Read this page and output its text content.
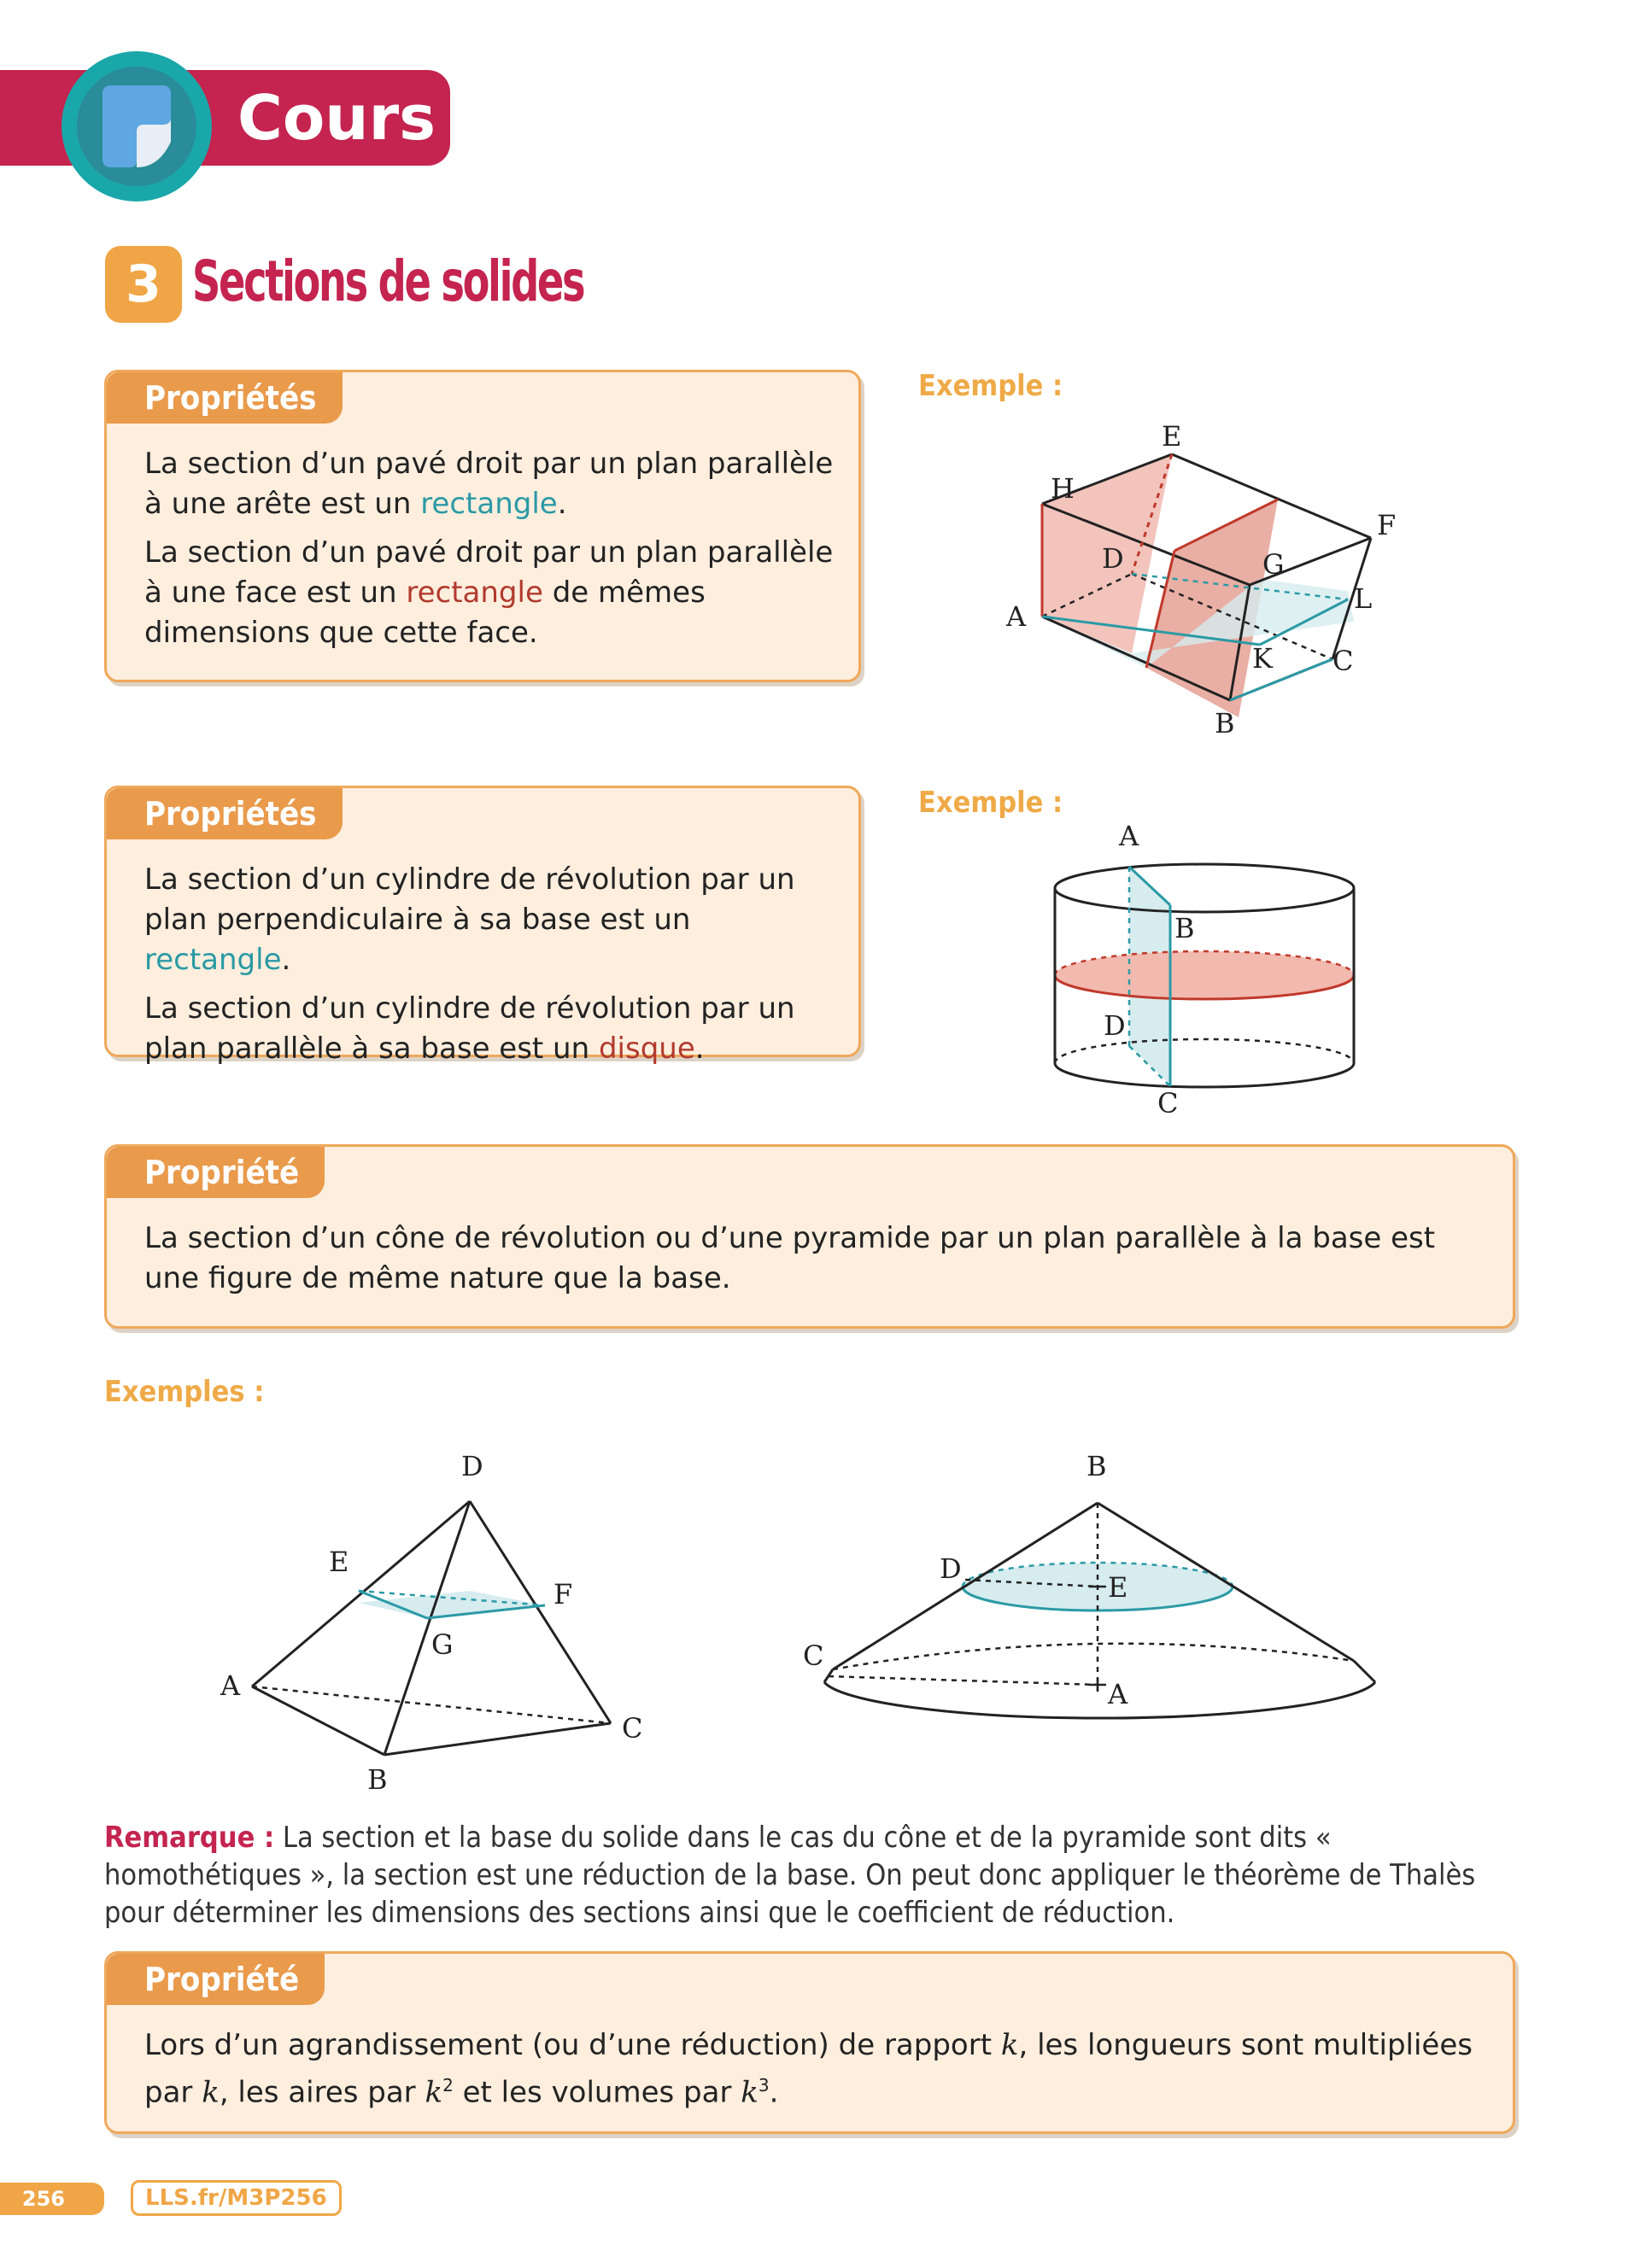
Cours
3 Sections de solides
Propriétés

La section d’un pavé droit par un plan parallèle à une arête est un rectangle.

La section d’un pavé droit par un plan parallèle à une face est un rectangle de mêmes dimensions que cette face.

Exemple :
E
H
F
D	G
A
L
K C
B
Propriétés

La section d’un cylindre de révolution par un plan perpendiculaire à sa base est un rectangle.

La section d’un cylindre de révolution par un plan parallèle à sa base est un disque.

Exemple :
A
B
D
C
Propriété
La section d’un cône de révolution ou d’une pyramide par un plan parallèle à la base est une figure de même nature que la base.
Exemples :
D
E
F
G
A
C
B
B
D
E
C
A
Remarque : La section et la base du solide dans le cas du cône et de la pyramide sont dits « homothétiques », la section est une réduction de la base. On peut donc appliquer le théorème de Thalès pour déterminer les dimensions des sections ainsi que le coefficient de réduction.
Propriété
Lors d’un agrandissement (ou d’une réduction) de rapport k, les longueurs sont multipliées par k, les aires par $k^2$ et les volumes par $k^3$.
256	LLS.fr/M3P256
